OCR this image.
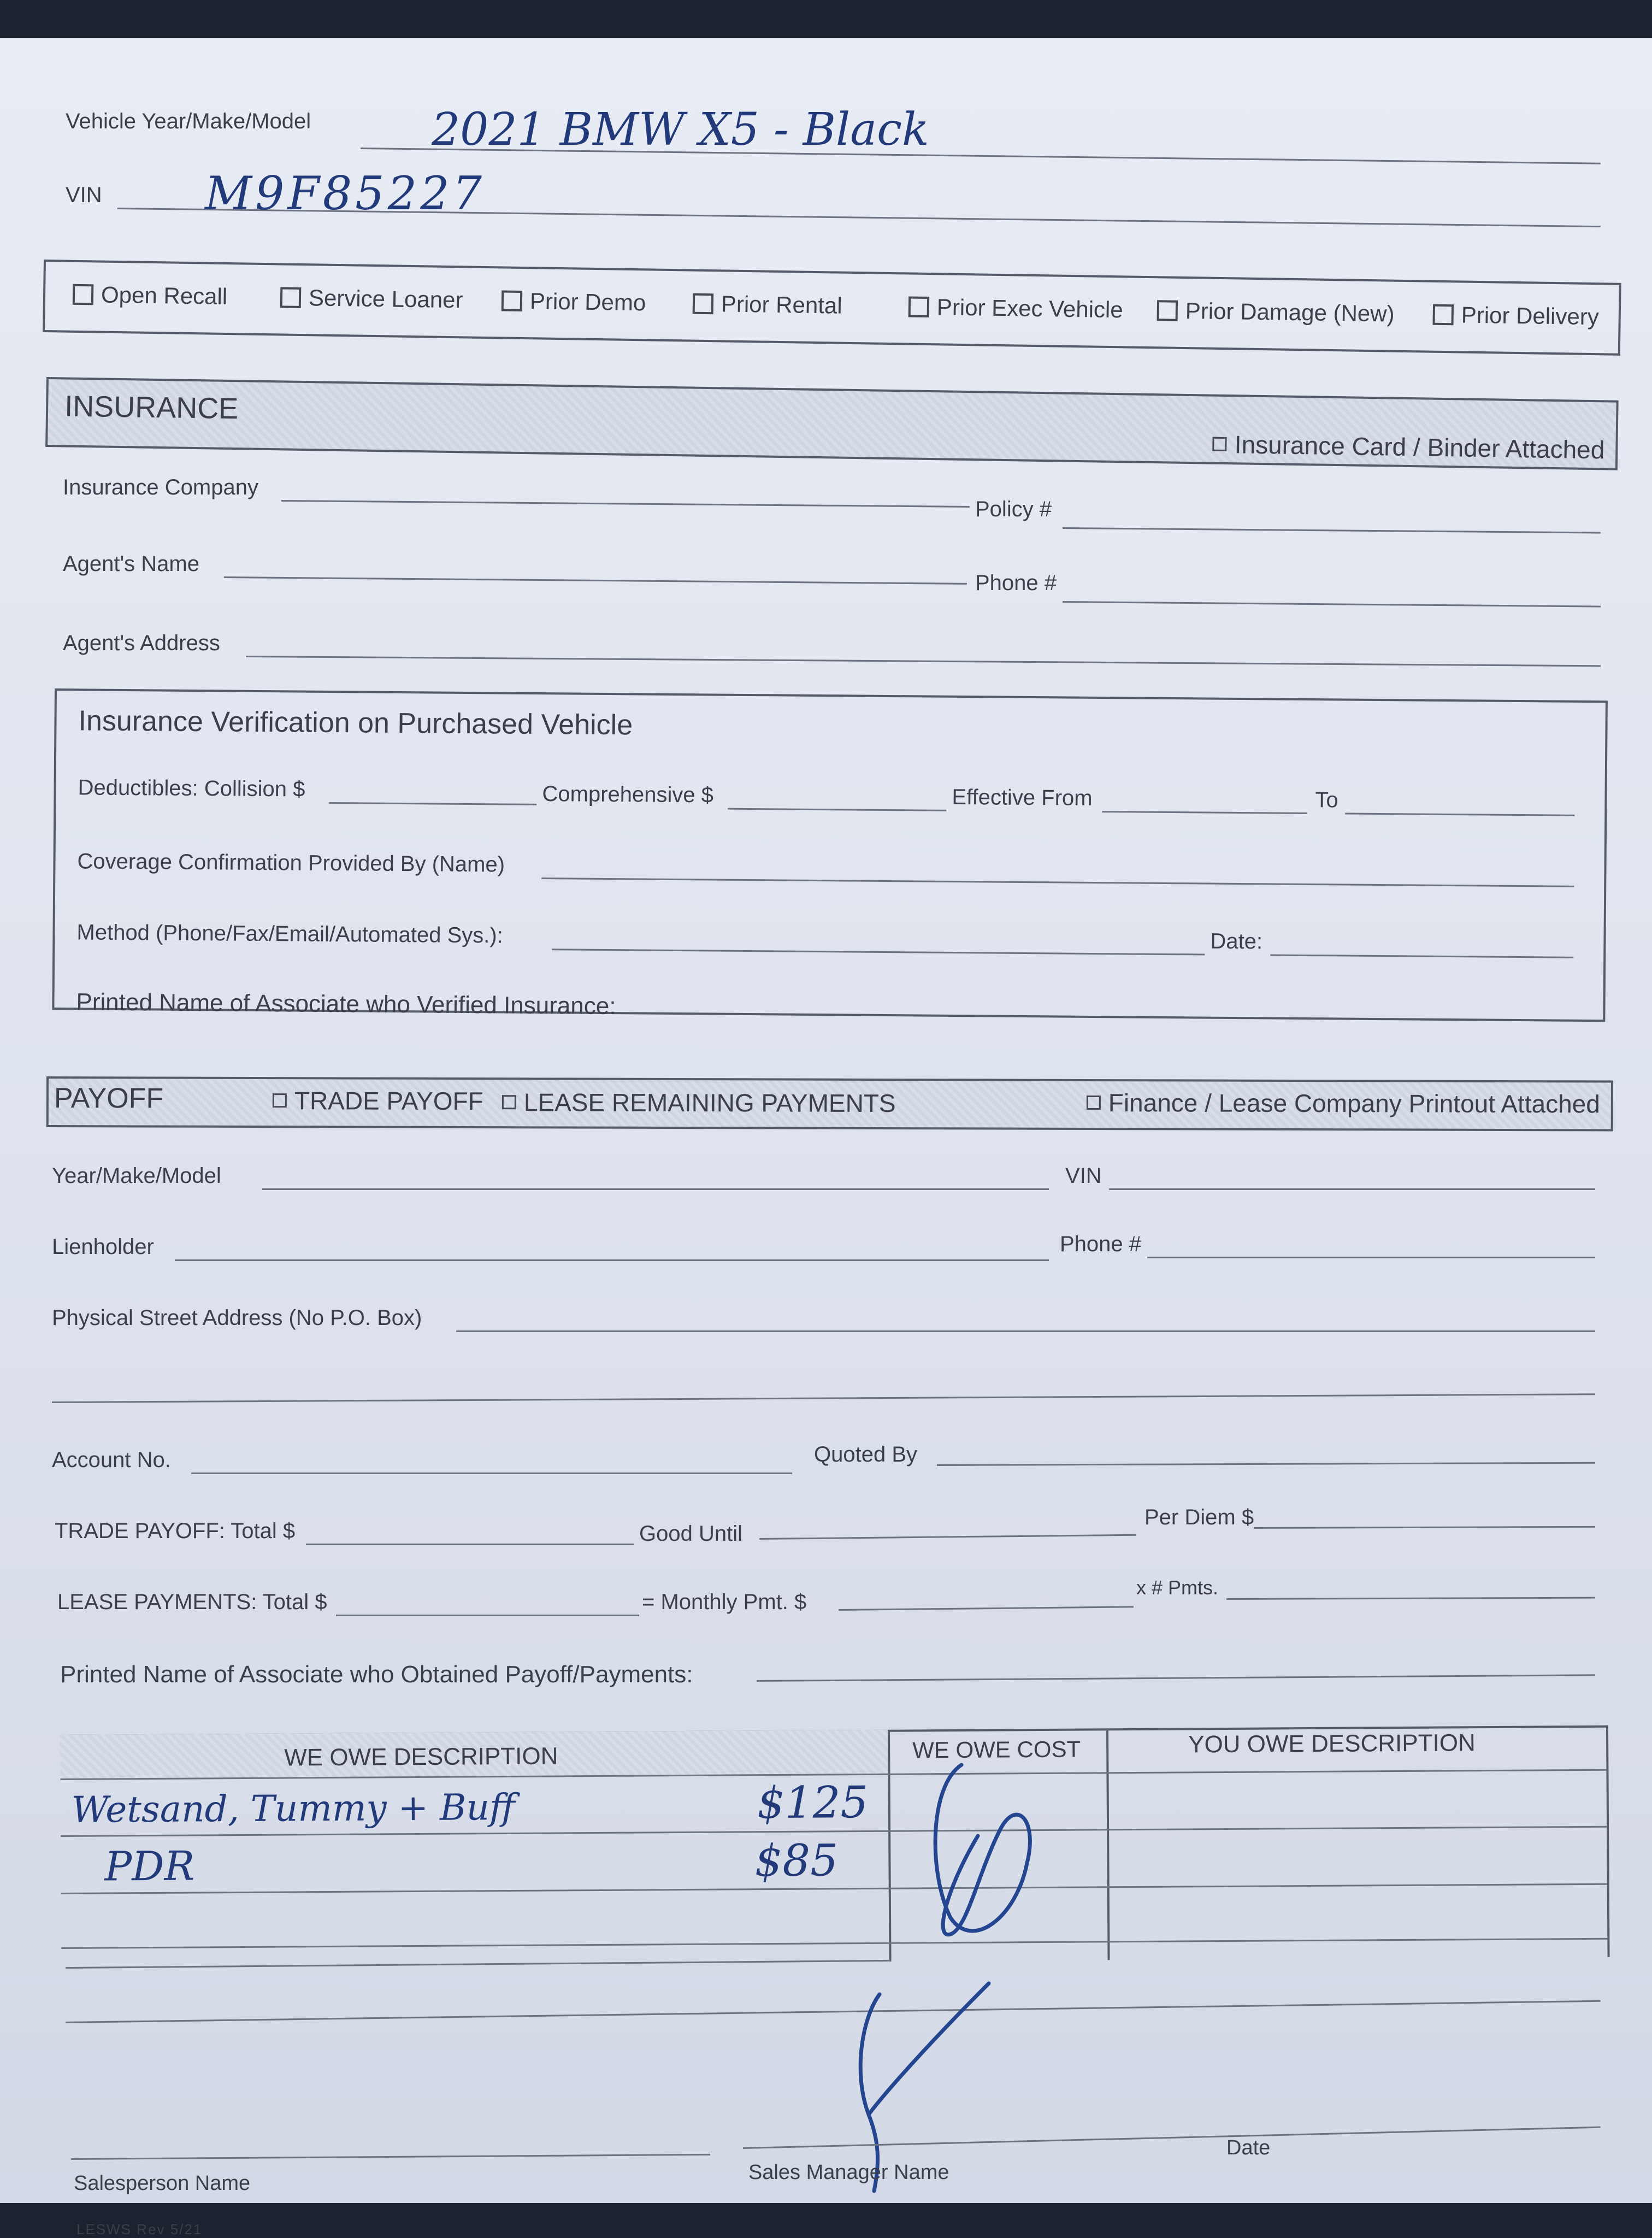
Vehicle Year/Make/Model	2021 BMW X5 - Black
VIN M9F85227
Open Recall	Service Loaner	Prior Demo	Prior Rental	Prior Exec Vehicle	Prior Damage (New)	Prior Delivery
INSURANCE
Insurance Card / Binder Attached
Insurance Company
Policy #
Agent's Name
Phone #
Agent's Address
Insurance Verification on Purchased Vehicle
Deductibles: Collision $	Comprehensive $	Effective From	To
Coverage Confirmation Provided By (Name)
Method (Phone/Fax/Email/Automated Sys.):	Date:
Printed Name of Associate who Verified Insurance:
PAYOFF	TRADE PAYOFF LEASE REMAINING PAYMENTS	Finance / Lease Company Printout Attached
Year/Make/Model	VIN
Lienholder	Phone #
Physical Street Address (No P.O. Box)
Account No.	Quoted By
TRADE PAYOFF: Total $	Good Until
Per Diem $
LEASE PAYMENTS: Total $	= Monthly Pmt. $
x # Pmts.
Printed Name of Associate who Obtained Payoff/Payments:
WE OWE DESCRIPTION	WE OWE COST	YOU OWE DESCRIPTION
Wetsand, Tummy + Buff	$125
PDR	$85
Salesperson Name	Sales Manager Name
Date
LESWS Rev 5/21
